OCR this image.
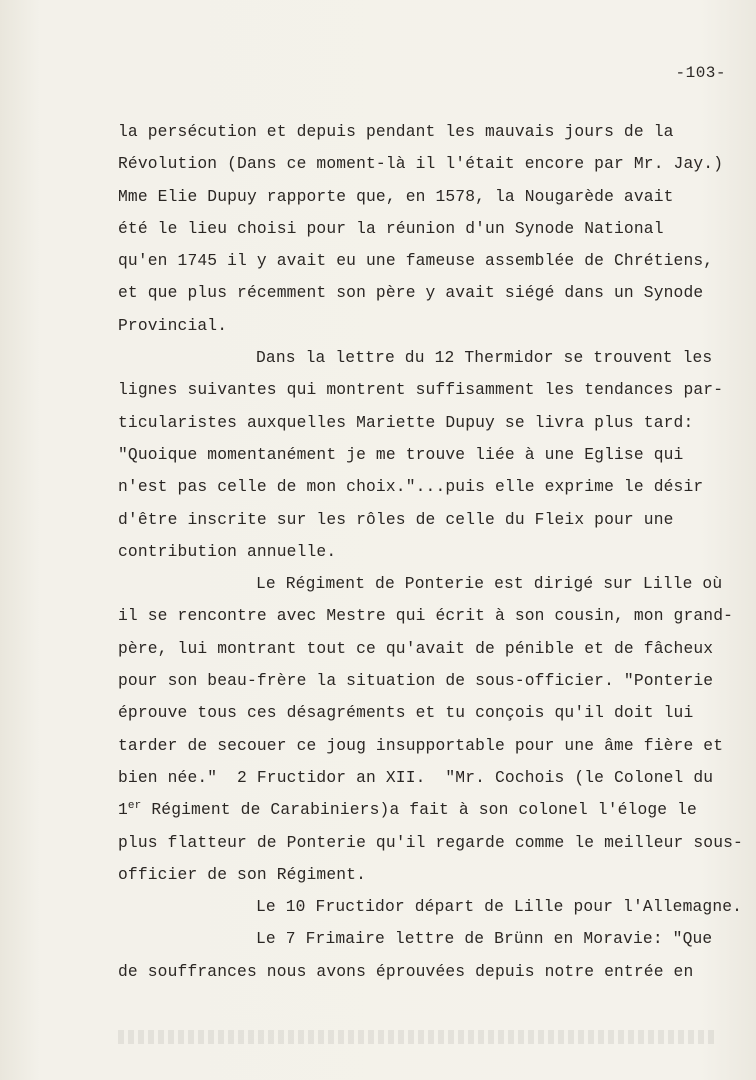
-103-
la persécution et depuis pendant les mauvais jours de la
Révolution (Dans ce moment-là il l'était encore par Mr. Jay.)
Mme Elie Dupuy rapporte que, en 1578, la Nougarède avait
été le lieu choisi pour la réunion d'un Synode National
qu'en 1745 il y avait eu une fameuse assemblée de Chrétiens,
et que plus récemment son père y avait siégé dans un Synode
Provincial.
Dans la lettre du 12 Thermidor se trouvent les
lignes suivantes qui montrent suffisamment les tendances par-
ticularistes auxquelles Mariette Dupuy se livra plus tard:
"Quoique momentanément je me trouve liée à une Eglise qui
n'est pas celle de mon choix."...puis elle exprime le désir
d'être inscrite sur les rôles de celle du Fleix pour une
contribution annuelle.
Le Régiment de Ponterie est dirigé sur Lille où
il se rencontre avec Mestre qui écrit à son cousin, mon grand-
père, lui montrant tout ce qu'avait de pénible et de fâcheux
pour son beau-frère la situation de sous-officier. "Ponterie
éprouve tous ces désagréments et tu conçois qu'il doit lui
tarder de secouer ce joug insupportable pour une âme fière et
bien née."  2 Fructidor an XII.  "Mr. Cochois (le Colonel du
1er Régiment de Carabiniers)a fait à son colonel l'éloge le
plus flatteur de Ponterie qu'il regarde comme le meilleur sous-
officier de son Régiment.
Le 10 Fructidor départ de Lille pour l'Allemagne.
Le 7 Frimaire lettre de Brünn en Moravie: "Que
de souffrances nous avons éprouvées depuis notre entrée en
